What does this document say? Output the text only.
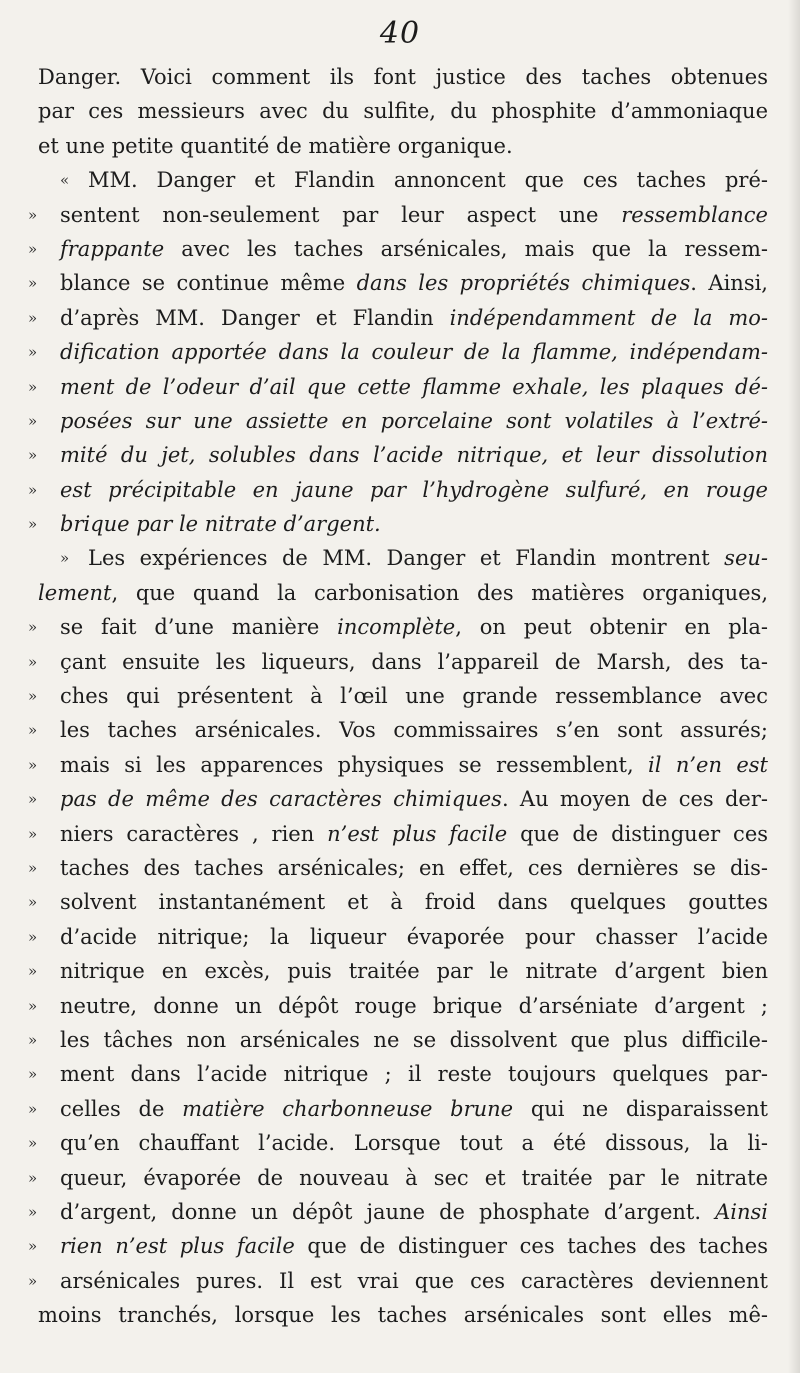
40
Danger. Voici comment ils font justice des taches obtenues
par ces messieurs avec du sulfite, du phosphite d’ammoniaque
et une petite quantité de matière organique.
« MM. Danger et Flandin annoncent que ces taches pré-
» sentent non-seulement par leur aspect une ressemblance
» frappante avec les taches arsénicales, mais que la ressem-
» blance se continue même dans les propriétés chimiques. Ainsi,
» d’après MM. Danger et Flandin indépendamment de la mo-
» dification apportée dans la couleur de la flamme, indépendam-
» ment de l’odeur d’ail que cette flamme exhale, les plaques dé-
» posées sur une assiette en porcelaine sont volatiles à l’extré-
» mité du jet, solubles dans l’acide nitrique, et leur dissolution
» est précipitable en jaune par l’hydrogène sulfuré, en rouge
» brique par le nitrate d’argent.
» Les expériences de MM. Danger et Flandin montrent seu-
lement, que quand la carbonisation des matières organiques,
» se fait d’une manière incomplète, on peut obtenir en pla-
» çant ensuite les liqueurs, dans l’appareil de Marsh, des ta-
» ches qui présentent à l’œil une grande ressemblance avec
» les taches arsénicales. Vos commissaires s’en sont assurés;
» mais si les apparences physiques se ressemblent, il n’en est
» pas de même des caractères chimiques. Au moyen de ces der-
» niers caractères , rien n’est plus facile que de distinguer ces
» taches des taches arsénicales; en effet, ces dernières se dis-
» solvent instantanément et à froid dans quelques gouttes
» d’acide nitrique; la liqueur évaporée pour chasser l’acide
» nitrique en excès, puis traitée par le nitrate d’argent bien
» neutre, donne un dépôt rouge brique d’arséniate d’argent ;
» les tâches non arsénicales ne se dissolvent que plus difficile-
» ment dans l’acide nitrique ; il reste toujours quelques par-
» celles de matière charbonneuse brune qui ne disparaissent
» qu’en chauffant l’acide. Lorsque tout a été dissous, la li-
» queur, évaporée de nouveau à sec et traitée par le nitrate
» d’argent, donne un dépôt jaune de phosphate d’argent. Ainsi
» rien n’est plus facile que de distinguer ces taches des taches
» arsénicales pures. Il est vrai que ces caractères deviennent
moins tranchés, lorsque les taches arsénicales sont elles mê-
